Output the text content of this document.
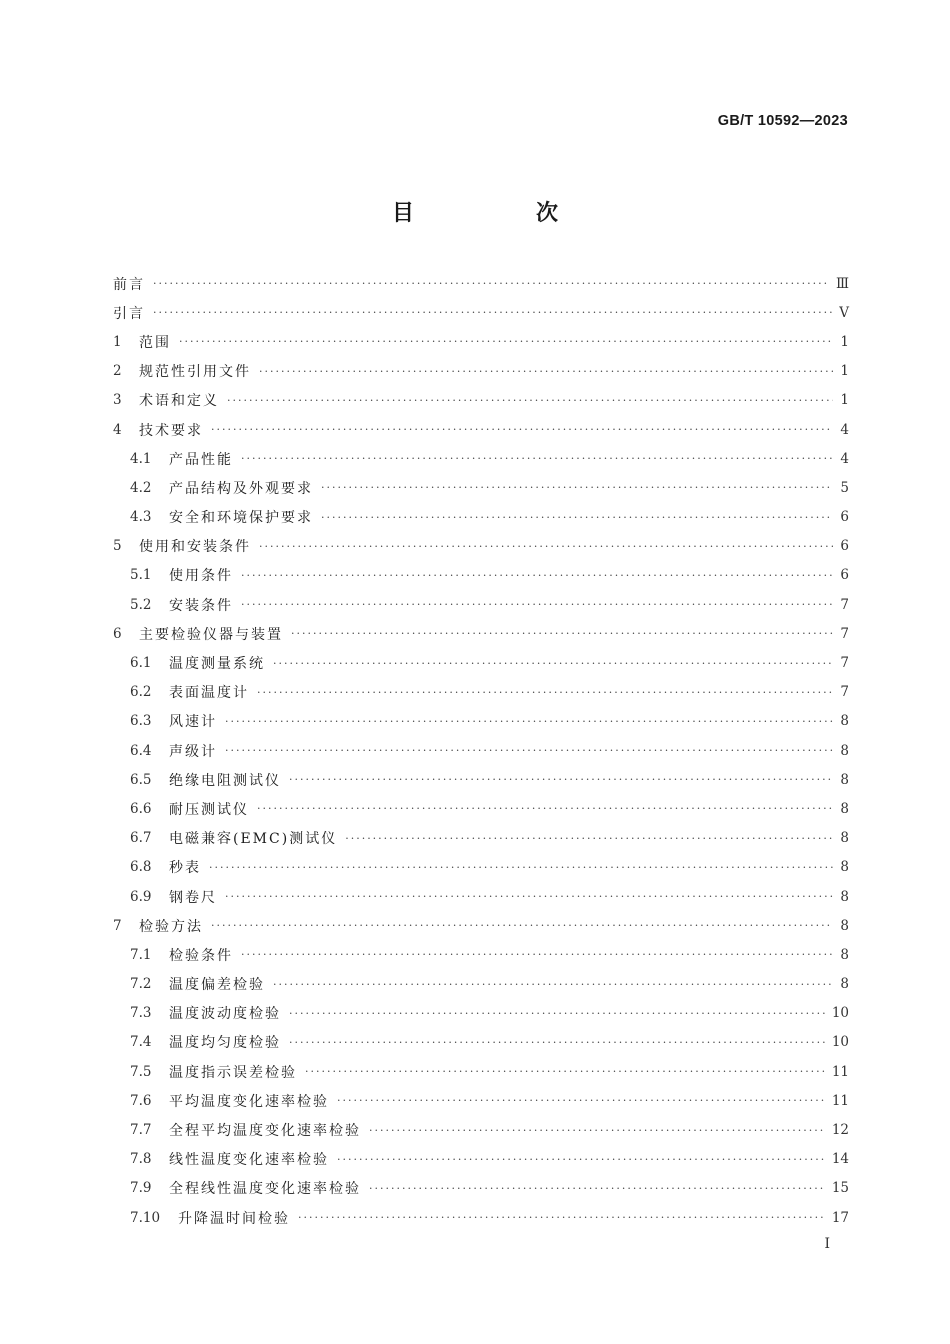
GB/T 10592—2023
目　次
前言 ·····	Ⅲ
引言 ·····	Ⅴ
1	范围 ·····	1
2	规范性引用文件 ·····	1
3	术语和定义 ·····	1
4	技术要求 ·····	4
4.1	产品性能 ·····	4
4.2	产品结构及外观要求 ·····	5
4.3	安全和环境保护要求 ·····	6
5	使用和安装条件 ·····	6
5.1	使用条件 ·····	6
5.2	安装条件 ·····	7
6	主要检验仪器与装置 ·····	7
6.1	温度测量系统 ·····	7
6.2	表面温度计 ·····	7
6.3	风速计 ·····	8
6.4	声级计 ·····	8
6.5	绝缘电阻测试仪 ·····	8
6.6	耐压测试仪 ·····	8
6.7	电磁兼容(EMC)测试仪 ·····	8
6.8	秒表 ·····	8
6.9	钢卷尺 ·····	8
7	检验方法 ·····	8
7.1	检验条件 ·····	8
7.2	温度偏差检验 ·····	8
7.3	温度波动度检验 ·····	10
7.4	温度均匀度检验 ·····	10
7.5	温度指示误差检验 ·····	11
7.6	平均温度变化速率检验 ·····	11
7.7	全程平均温度变化速率检验 ·····	12
7.8	线性温度变化速率检验 ·····	14
7.9	全程线性温度变化速率检验 ·····	15
7.10	升降温时间检验 ·····	17
Ⅰ
